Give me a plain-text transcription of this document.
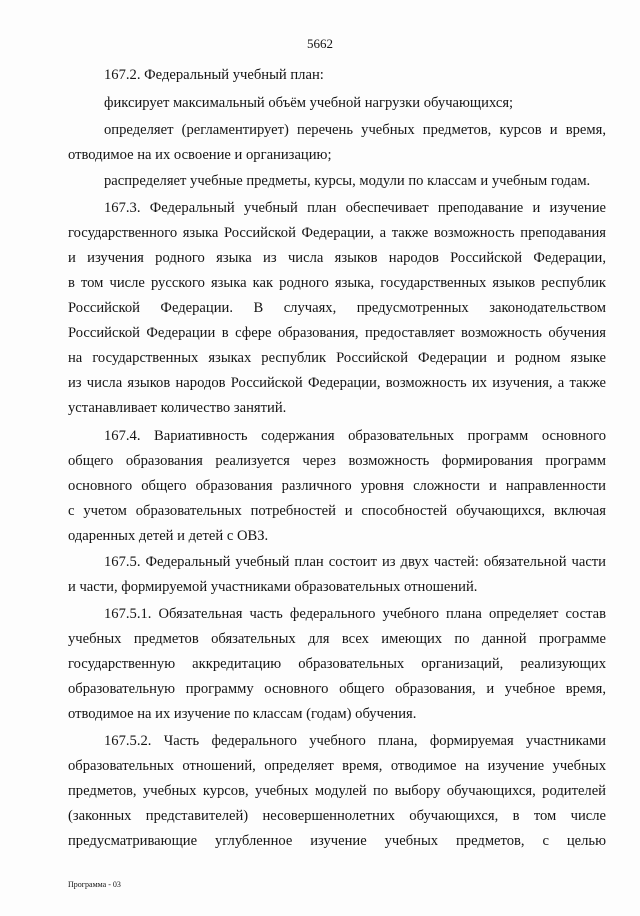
5662
167.2. Федеральный учебный план:
фиксирует максимальный объём учебной нагрузки обучающихся;
определяет (регламентирует) перечень учебных предметов, курсов и время,
отводимое на их освоение и организацию;
распределяет учебные предметы, курсы, модули по классам и учебным годам.
167.3. Федеральный учебный план обеспечивает преподавание и изучение
государственного языка Российской Федерации, а также возможность преподавания
и изучения родного языка из числа языков народов Российской Федерации,
в том числе русского языка как родного языка, государственных языков республик
Российской Федерации. В случаях, предусмотренных законодательством
Российской Федерации в сфере образования, предоставляет возможность обучения
на государственных языках республик Российской Федерации и родном языке
из числа языков народов Российской Федерации, возможность их изучения, а также
устанавливает количество занятий.
167.4. Вариативность содержания образовательных программ основного
общего образования реализуется через возможность формирования программ
основного общего образования различного уровня сложности и направленности
с учетом образовательных потребностей и способностей обучающихся, включая
одаренных детей и детей с ОВЗ.
167.5. Федеральный учебный план состоит из двух частей: обязательной части
и части, формируемой участниками образовательных отношений.
167.5.1. Обязательная часть федерального учебного плана определяет состав
учебных предметов обязательных для всех имеющих по данной программе
государственную аккредитацию образовательных организаций, реализующих
образовательную программу основного общего образования, и учебное время,
отводимое на их изучение по классам (годам) обучения.
167.5.2. Часть федерального учебного плана, формируемая участниками
образовательных отношений, определяет время, отводимое на изучение учебных
предметов, учебных курсов, учебных модулей по выбору обучающихся, родителей
(законных представителей) несовершеннолетних обучающихся, в том числе
предусматривающие углубленное изучение учебных предметов, с целью
Программа - 03
